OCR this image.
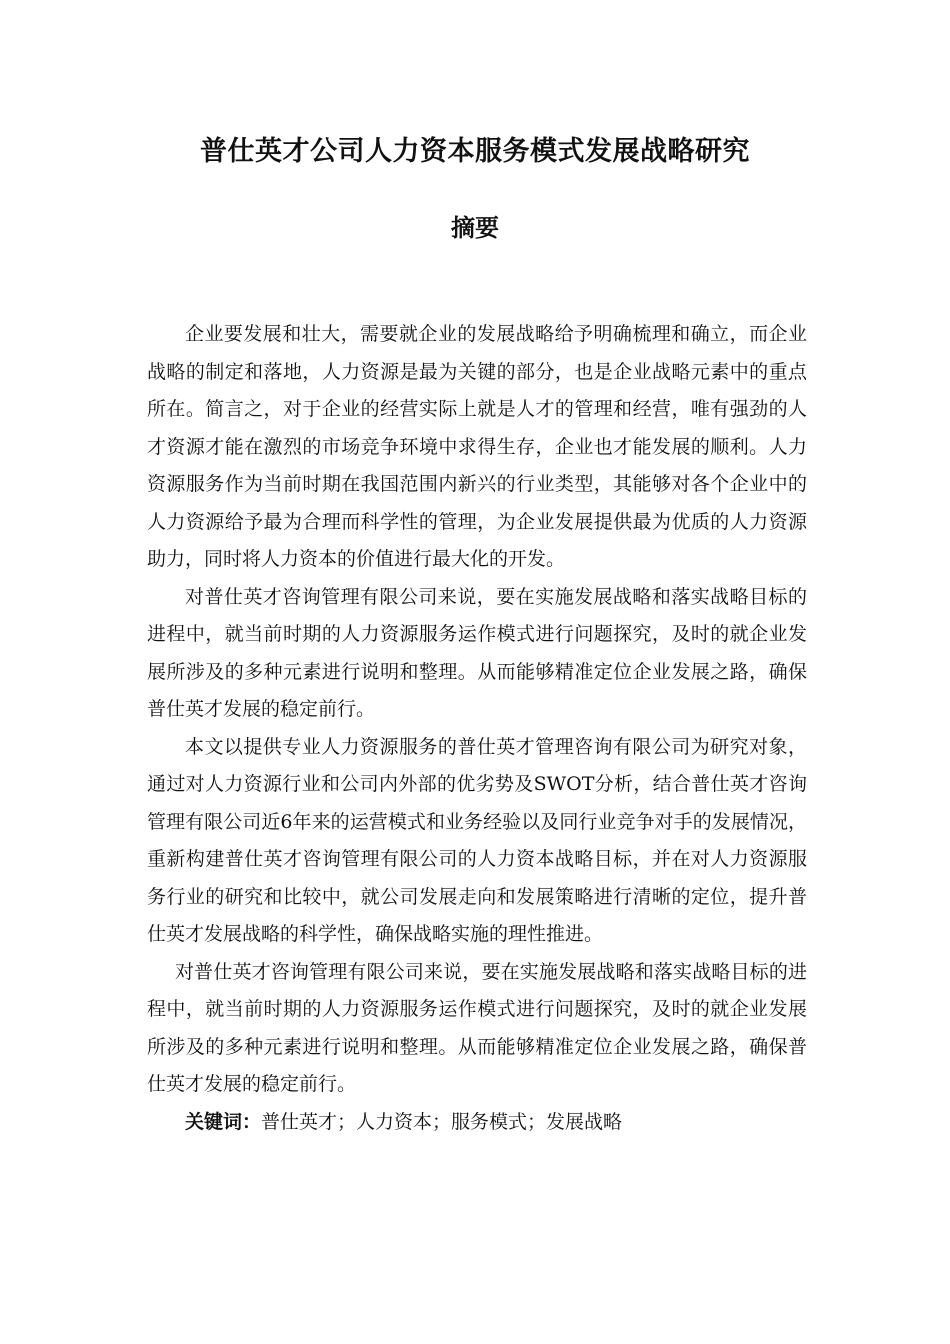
普仕英才公司人力资本服务模式发展战略研究
摘要

企业要发展和壮大，需要就企业的发展战略给予明确梳理和确立，而企业战略的制定和落地，人力资源是最为关键的部分，也是企业战略元素中的重点所在。简言之，对于企业的经营实际上就是人才的管理和经营，唯有强劲的人才资源才能在激烈的市场竞争环境中求得生存，企业也才能发展的顺利。人力资源服务作为当前时期在我国范围内新兴的行业类型，其能够对各个企业中的人力资源给予最为合理而科学性的管理，为企业发展提供最为优质的人力资源助力，同时将人力资本的价值进行最大化的开发。

对普仕英才咨询管理有限公司来说，要在实施发展战略和落实战略目标的进程中，就当前时期的人力资源服务运作模式进行问题探究，及时的就企业发展所涉及的多种元素进行说明和整理。从而能够精准定位企业发展之路，确保普仕英才发展的稳定前行。

本文以提供专业人力资源服务的普仕英才管理咨询有限公司为研究对象，通过对人力资源行业和公司内外部的优劣势及SWOT分析，结合普仕英才咨询管理有限公司近6年来的运营模式和业务经验以及同行业竞争对手的发展情况，重新构建普仕英才咨询管理有限公司的人力资本战略目标，并在对人力资源服务行业的研究和比较中，就公司发展走向和发展策略进行清晰的定位，提升普仕英才发展战略的科学性，确保战略实施的理性推进。

对普仕英才咨询管理有限公司来说，要在实施发展战略和落实战略目标的进程中，就当前时期的人力资源服务运作模式进行问题探究，及时的就企业发展所涉及的多种元素进行说明和整理。从而能够精准定位企业发展之路，确保普仕英才发展的稳定前行。

关键词：普仕英才；人力资本；服务模式；发展战略
